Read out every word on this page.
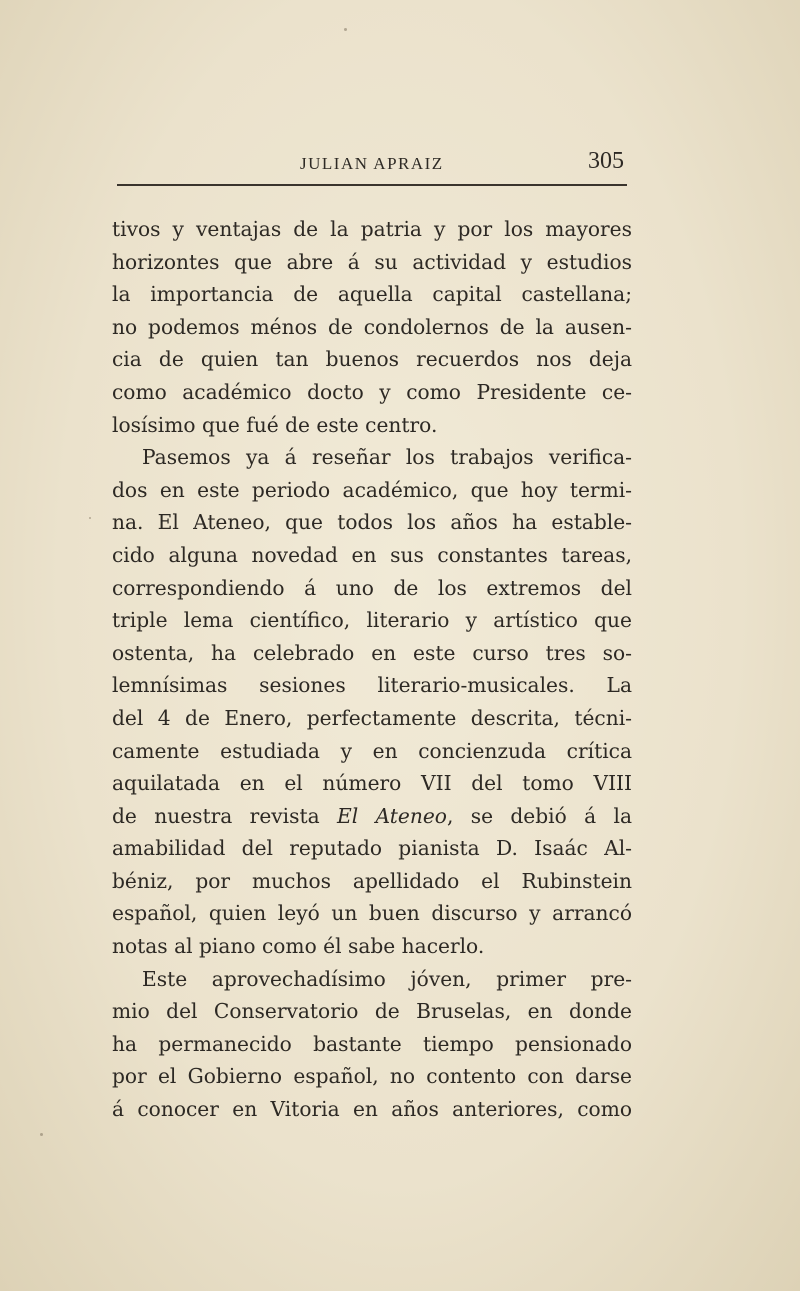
JULIAN APRAIZ	305
tivos y ventajas de la patria y por los mayores
horizontes que abre á su actividad y estudios
la importancia de aquella capital castellana;
no podemos ménos de condolernos de la ausen-
cia de quien tan buenos recuerdos nos deja
como académico docto y como Presidente ce-
losísimo que fué de este centro.
Pasemos ya á reseñar los trabajos verifica-
dos en este periodo académico, que hoy termi-
na. El Ateneo, que todos los años ha estable-
cido alguna novedad en sus constantes tareas,
correspondiendo á uno de los extremos del
triple lema científico, literario y artístico que
ostenta, ha celebrado en este curso tres so-
lemnísimas sesiones literario-musicales. La
del 4 de Enero, perfectamente descrita, técni-
camente estudiada y en concienzuda crítica
aquilatada en el número VII del tomo VIII
de nuestra revista El Ateneo, se debió á la
amabilidad del reputado pianista D. Isaác Al-
béniz, por muchos apellidado el Rubinstein
español, quien leyó un buen discurso y arrancó
notas al piano como él sabe hacerlo.
Este aprovechadísimo jóven, primer pre-
mio del Conservatorio de Bruselas, en donde
ha permanecido bastante tiempo pensionado
por el Gobierno español, no contento con darse
á conocer en Vitoria en años anteriores, como
